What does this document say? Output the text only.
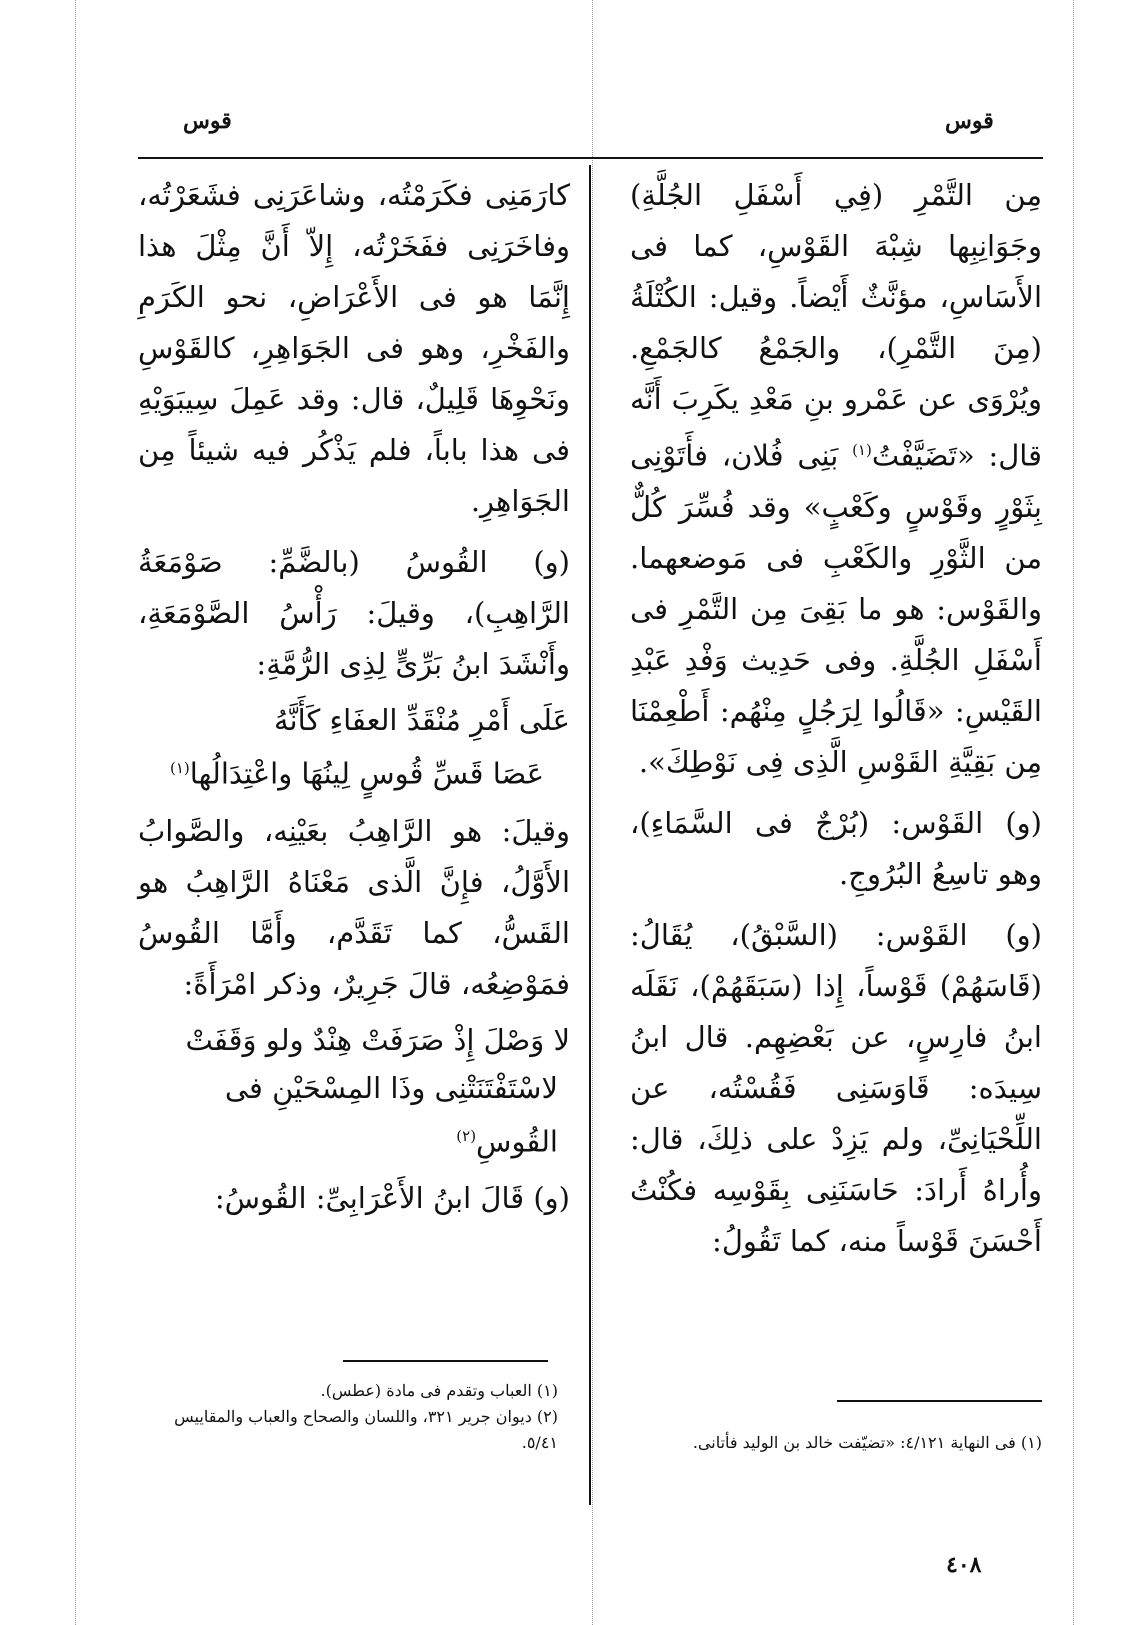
قوس
قوس

مِن التَّمْرِ (فِي أَسْفَلِ الجُلَّةِ) وجَوَانِبِها شِبْهَ القَوْسِ، كما فى الأَسَاسِ، مؤنَّثٌ أَيْضاً. وقيل: الكُتْلَةُ (مِنَ التَّمْرِ)، والجَمْعُ كالجَمْعِ. ويُرْوَى عن عَمْرو بنِ مَعْدِ يكَرِبَ أَنَّه قال: «تَضَيَّفْتُ$^{(١)}$ بَنِى فُلان، فأَتَوْنِى بِثَوْرٍ وقَوْسٍ وكَعْبٍ» وقد فُسِّرَ كُلٌّ من الثَّوْرِ والكَعْبِ فى مَوضعهما. والقَوْس: هو ما بَقِىَ مِن التَّمْرِ فى أَسْفَلِ الجُلَّةِ. وفى حَدِيث وَفْدِ عَبْدِ القَيْسِ: «قَالُوا لِرَجُلٍ مِنْهُم: أَطْعِمْنَا مِن بَقِيَّةِ القَوْسِ الَّذِى فِى نَوْطِكَ».

(و) القَوْس: (بُرْجٌ فى السَّمَاءِ)، وهو تاسِعُ البُرُوجِ.

(و) القَوْس: (السَّبْقُ)، يُقَالُ: (قَاسَهُمْ) قَوْساً، إِذا (سَبَقَهُمْ)، نَقَلَه ابنُ فارِسٍ، عن بَعْضِهِم. قال ابنُ سِيدَه: قَاوَسَنِى فَقُسْتُه، عن اللِّحْيَانِىِّ، ولم يَزِدْ على ذلِكَ، قال: وأُراهُ أَرادَ: حَاسَنَنِى بِقَوْسِه فكُنْتُ أَحْسَنَ قَوْساً منه، كما تَقُولُ:

(١) فى النهاية ٤/١٢١: «تضيّفت خالد بن الوليد فأتانى.

كارَمَنِى فكَرَمْتُه، وشاعَرَنِى فشَعَرْتُه، وفاخَرَنِى ففَخَرْتُه، إِلاّ أَنَّ مِثْلَ هذا إِنَّمَا هو فى الأَعْرَاضِ، نحو الكَرَمِ والفَخْرِ، وهو فى الجَوَاهِرِ، كالقَوْسِ ونَحْوِهَا قَلِيلٌ، قال: وقد عَمِلَ سِيبَوَيْهِ فى هذا باباً، فلم يَذْكُر فيه شيئاً مِن الجَوَاهِرِ.

(و) القُوسُ (بالضَّمِّ: صَوْمَعَةُ الرَّاهِبِ)، وقيلَ: رَأْسُ الصَّوْمَعَةِ، وأَنْشَدَ ابنُ بَرِّىٍّ لِذِى الرُّمَّةِ:

عَلَى أَمْرِ مُنْقَدِّ العفَاءِ كَأَنَّهُ
عَصَا قَسِّ قُوسٍ لِينُهَا واعْتِدَالُها$^{(١)}$

وقيلَ: هو الرَّاهِبُ بعَيْنِه، والصَّوابُ الأَوَّلُ، فإِنَّ الَّذى مَعْنَاهُ الرَّاهِبُ هو القَسُّ، كما تَقَدَّم، وأَمَّا القُوسُ فمَوْضِعُه، قالَ جَرِيرٌ، وذكر امْرَأَةً:

لا وَصْلَ إِذْ صَرَفَتْ هِنْدٌ ولو وَقَفَتْ
لاسْتَفْتَنَتْنِى وذَا المِسْحَيْنِ فى القُوسِ$^{(٢)}$

(و) قَالَ ابنُ الأَعْرَابِىِّ: القُوسُ:

(١) العباب وتقدم فى مادة (عطس).
(٢) ديوان جرير ٣٢١، واللسان والصحاح والعباب والمقاييس ٥/٤١.
٤٠٨
